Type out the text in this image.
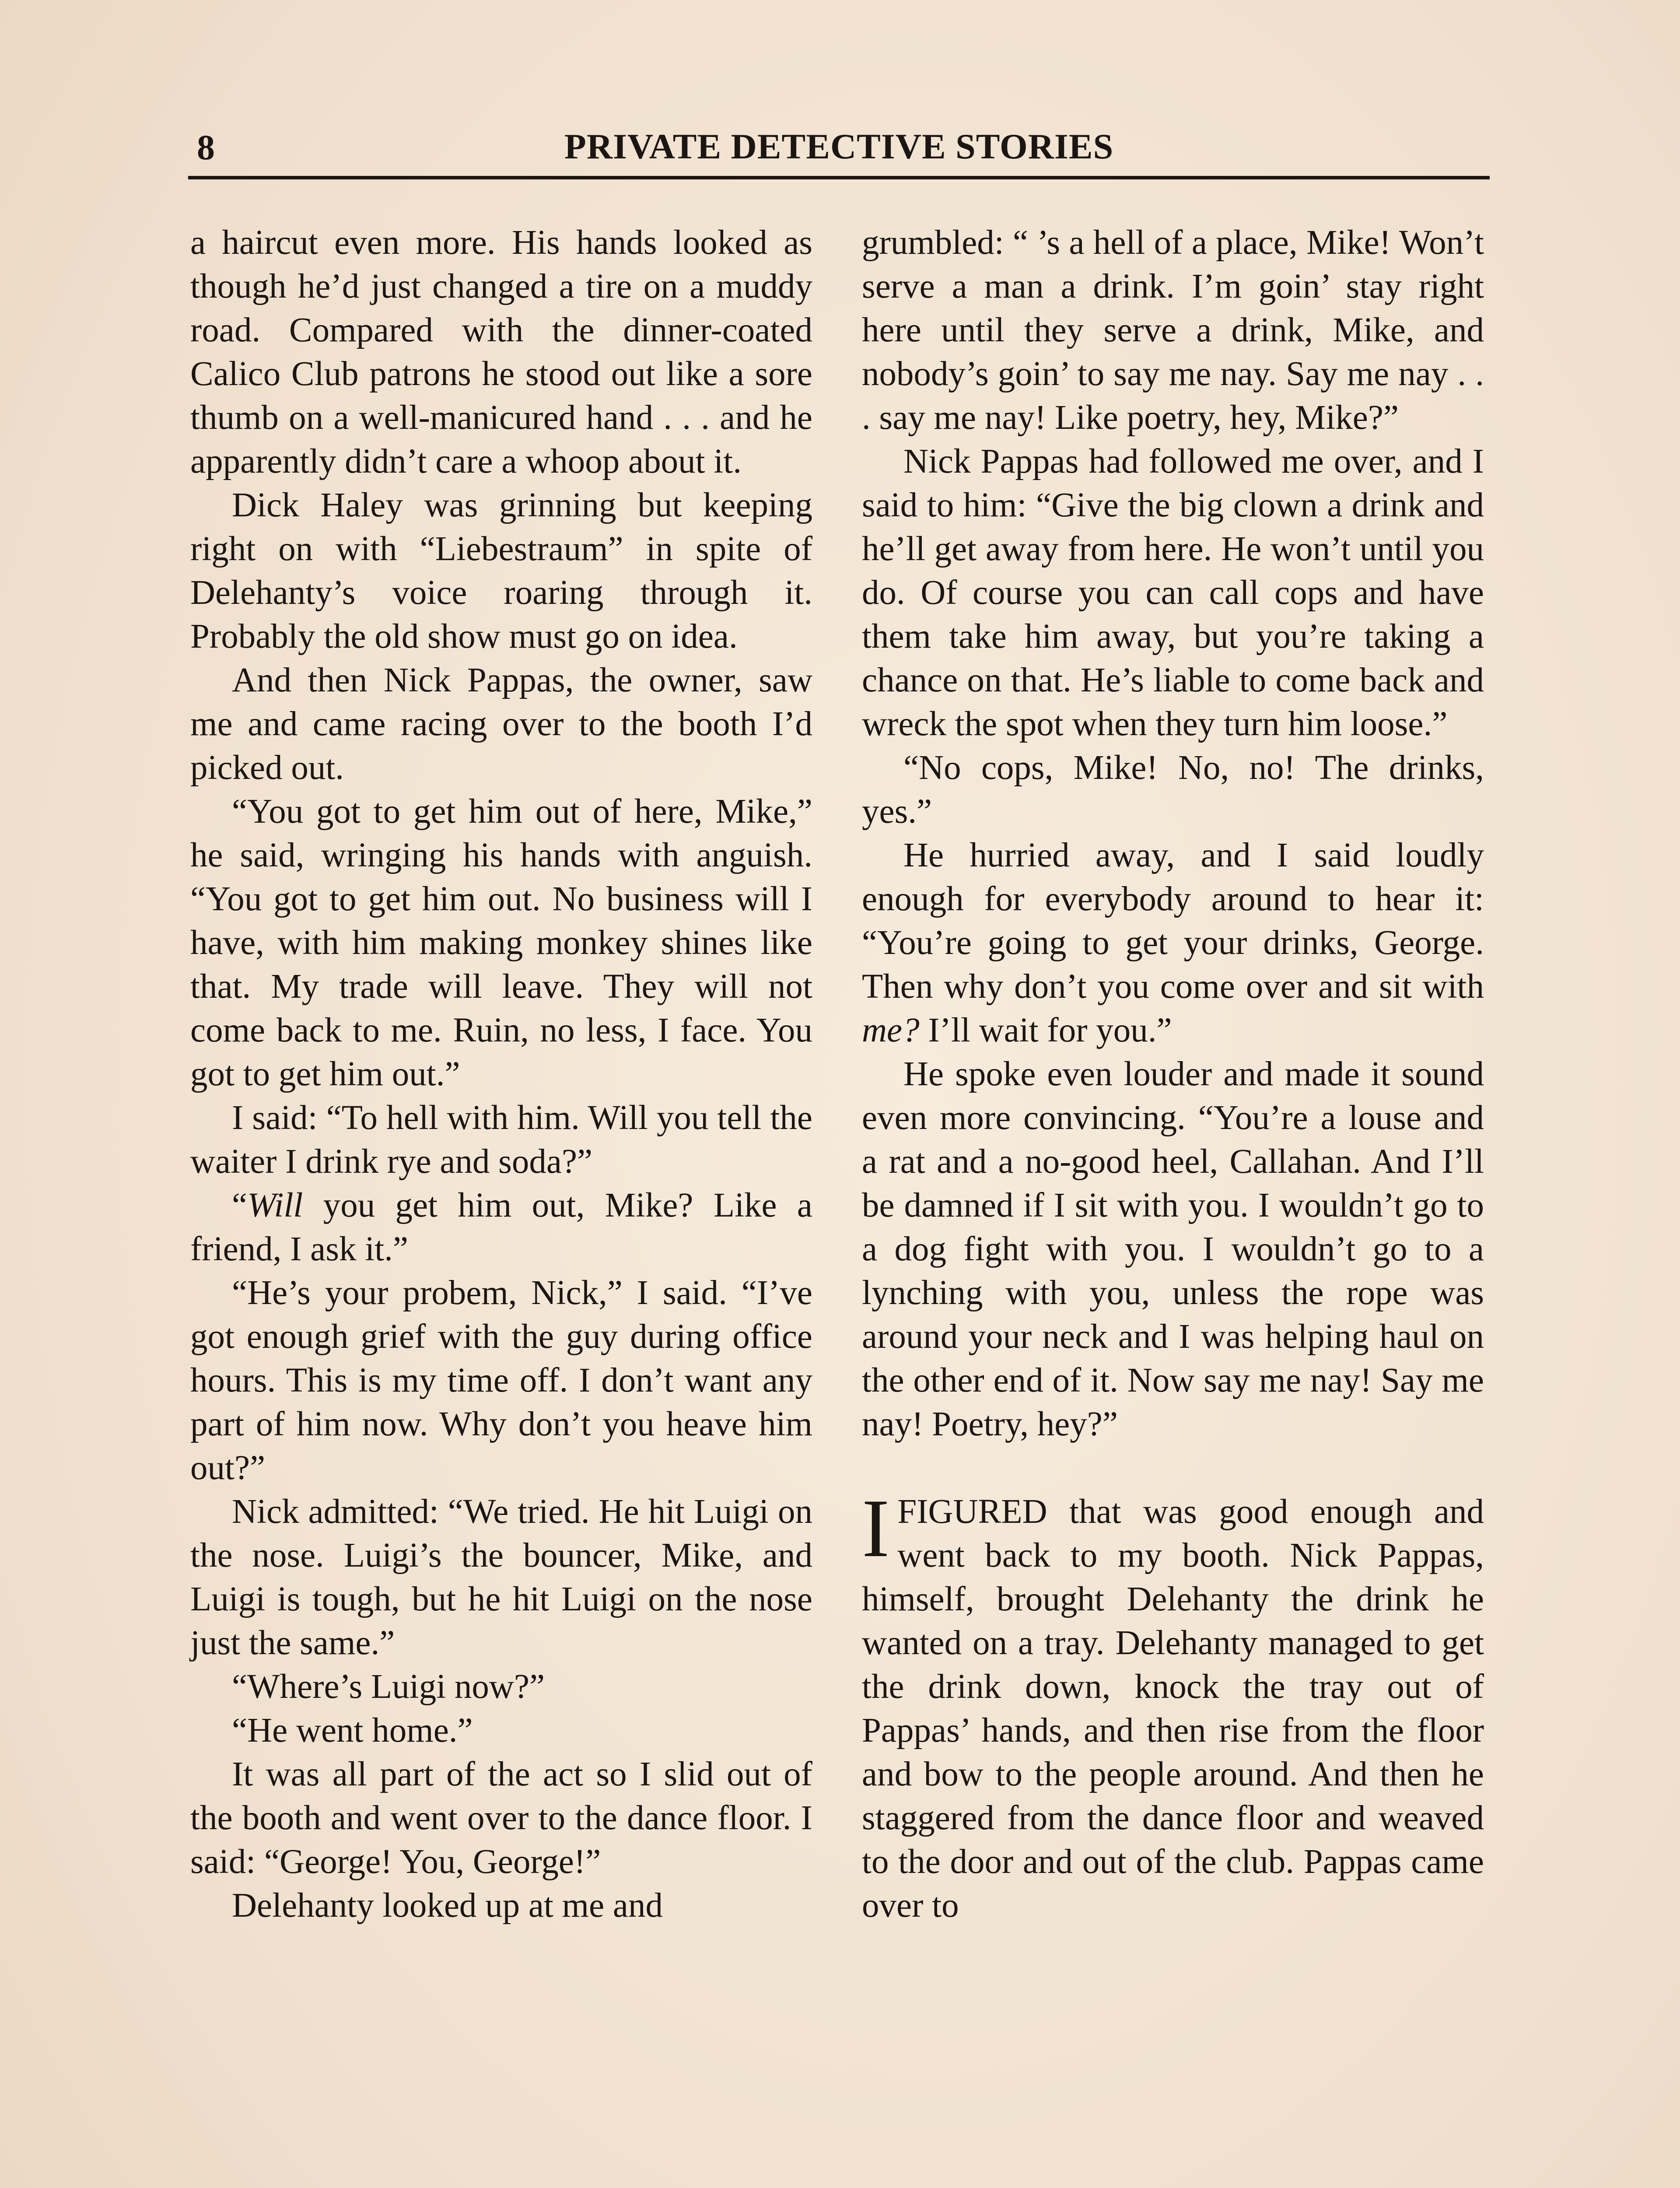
8	PRIVATE DETECTIVE STORIES

a haircut even more. His hands looked as though he’d just changed a tire on a muddy road. Compared with the dinner-coated Calico Club patrons he stood out like a sore thumb on a well-manicured hand . . . and he apparently didn’t care a whoop about it.

Dick Haley was grinning but keeping right on with “Liebestraum” in spite of Delehanty’s voice roaring through it. Probably the old show must go on idea.

And then Nick Pappas, the owner, saw me and came racing over to the booth I’d picked out.

“You got to get him out of here, Mike,” he said, wringing his hands with anguish. “You got to get him out. No business will I have, with him making monkey shines like that. My trade will leave. They will not come back to me. Ruin, no less, I face. You got to get him out.”

I said: “To hell with him. Will you tell the waiter I drink rye and soda?”

“Will you get him out, Mike? Like a friend, I ask it.”

“He’s your probem, Nick,” I said. “I’ve got enough grief with the guy during office hours. This is my time off. I don’t want any part of him now. Why don’t you heave him out?”

Nick admitted: “We tried. He hit Luigi on the nose. Luigi’s the bouncer, Mike, and Luigi is tough, but he hit Luigi on the nose just the same.”

“Where’s Luigi now?”

“He went home.”

It was all part of the act so I slid out of the booth and went over to the dance floor. I said: “George! You, George!”

Delehanty looked up at me and

grumbled: “ ’s a hell of a place, Mike! Won’t serve a man a drink. I’m goin’ stay right here until they serve a drink, Mike, and nobody’s goin’ to say me nay. Say me nay . . . say me nay! Like poetry, hey, Mike?”

Nick Pappas had followed me over, and I said to him: “Give the big clown a drink and he’ll get away from here. He won’t until you do. Of course you can call cops and have them take him away, but you’re taking a chance on that. He’s liable to come back and wreck the spot when they turn him loose.”

“No cops, Mike! No, no! The drinks, yes.”

He hurried away, and I said loudly enough for everybody around to hear it: “You’re going to get your drinks, George. Then why don’t you come over and sit with me? I’ll wait for you.”

He spoke even louder and made it sound even more convincing. “You’re a louse and a rat and a no-good heel, Callahan. And I’ll be damned if I sit with you. I wouldn’t go to a dog fight with you. I wouldn’t go to a lynching with you, unless the rope was around your neck and I was helping haul on the other end of it. Now say me nay! Say me nay! Poetry, hey?”

I FIGURED that was good enough and went back to my booth. Nick Pappas, himself, brought Delehanty the drink he wanted on a tray. Delehanty managed to get the drink down, knock the tray out of Pappas’ hands, and then rise from the floor and bow to the people around. And then he staggered from the dance floor and weaved to the door and out of the club. Pappas came over to
